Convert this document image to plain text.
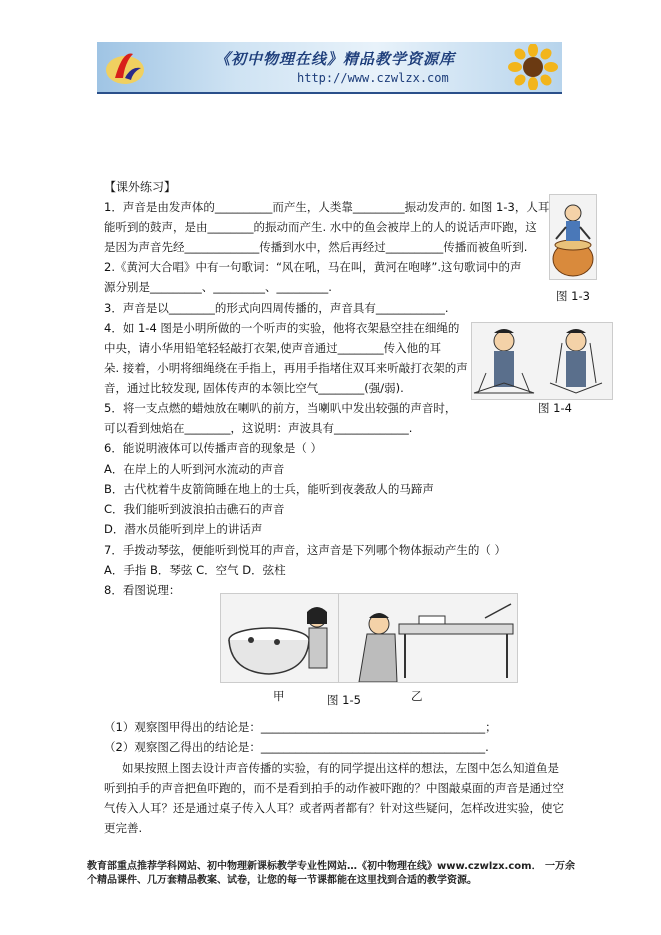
《初中物理在线》精品教学资源库
http://www.czwlzx.com
【课外练习】
1．声音是由发声体的__________而产生，人类靠_________振动发声的. 如图 1-3，人耳
能听到的鼓声，是由________的振动而产生. 水中的鱼会被岸上的人的说话声吓跑，这
是因为声音先经_____________传播到水中，然后再经过__________传播而被鱼听到.
2.《黄河大合唱》中有一句歌词：“风在吼，马在叫，黄河在咆哮”.这句歌词中的声
源分别是_________、_________、_________.
3．声音是以________的形式向四周传播的，声音具有____________.
4．如 1-4 图是小明所做的一个听声的实验，他将衣架悬空挂在细绳的
中央，请小华用铅笔轻轻敲打衣架,使声音通过________传入他的耳
朵. 接着，小明将细绳绕在手指上，再用手指堵住双耳来听敲打衣架的声
音，通过比较发现, 固体传声的本领比空气________(强/弱).
5．将一支点燃的蜡烛放在喇叭的前方，当喇叭中发出较强的声音时，
可以看到烛焰在________，这说明：声波具有_____________.
6．能说明液体可以传播声音的现象是（ ）
A．在岸上的人听到河水流动的声音
B．古代枕着牛皮箭筒睡在地上的士兵，能听到夜袭敌人的马蹄声
C．我们能听到波浪拍击礁石的声音
D．潜水员能听到岸上的讲话声
7．手拨动琴弦，便能听到悦耳的声音，这声音是下列哪个物体振动产生的（ ）
A．手指 B．琴弦 C．空气 D．弦柱
8．看图说理：
图 1-3
图 1-4
甲	乙
图 1-5
（1）观察图甲得出的结论是：_______________________________________；
（2）观察图乙得出的结论是：_______________________________________.
如果按照上图去设计声音传播的实验，有的同学提出这样的想法，左图中怎么知道鱼是
听到拍手的声音把鱼吓跑的，而不是看到拍手的动作被吓跑的？中图敲桌面的声音是通过空
气传入人耳？还是通过桌子传入人耳？或者两者都有？针对这些疑问，怎样改进实验，使它
更完善.
教育部重点推荐学科网站、初中物理新课标教学专业性网站…《初中物理在线》www.czwlzx.com． 一万余
个精品课件、几万套精品教案、试卷，让您的每一节课都能在这里找到合适的教学资源。
